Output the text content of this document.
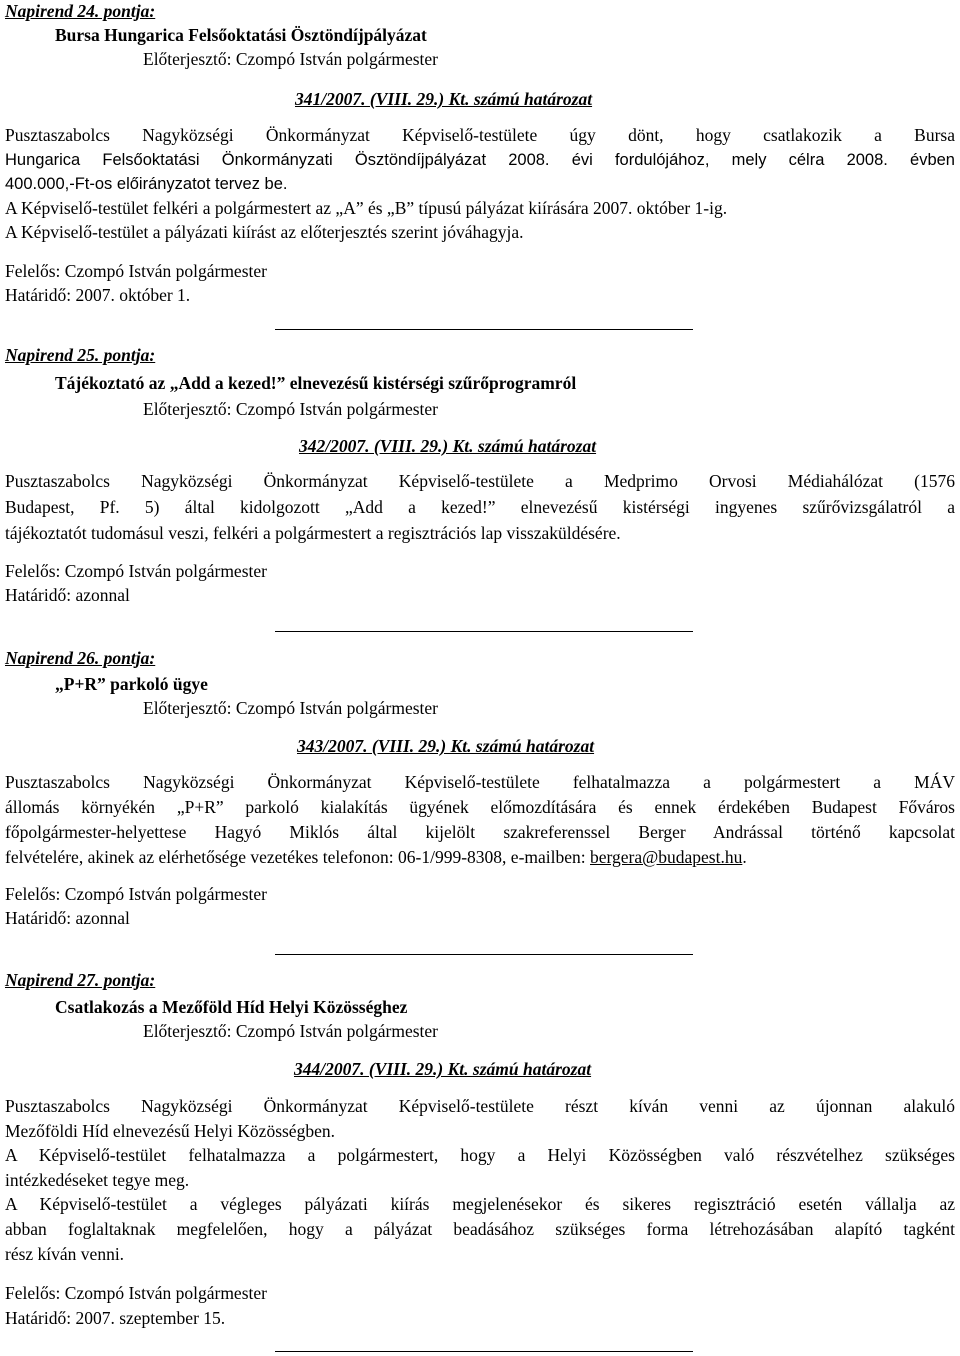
Napirend 24. pontja:
Bursa Hungarica Felsőoktatási Ösztöndíjpályázat
Előterjesztő: Czompó István polgármester
341/2007. (VIII. 29.) Kt. számú határozat
Pusztaszabolcs Nagyközségi Önkormányzat Képviselő-testülete úgy dönt, hogy csatlakozik a Bursa
Hungarica Felsőoktatási Önkormányzati Ösztöndíjpályázat 2008. évi fordulójához, mely célra 2008. évben
400.000,-Ft-os előirányzatot tervez be.
A Képviselő-testület felkéri a polgármestert az „A” és „B” típusú pályázat kiírására 2007. október 1-ig.
A Képviselő-testület a pályázati kiírást az előterjesztés szerint jóváhagyja.
Felelős: Czompó István polgármester
Határidő: 2007. október 1.
Napirend 25. pontja:
Tájékoztató az „Add a kezed!” elnevezésű kistérségi szűrőprogramról
Előterjesztő: Czompó István polgármester
342/2007. (VIII. 29.) Kt. számú határozat
Pusztaszabolcs Nagyközségi Önkormányzat Képviselő-testülete a Medprimo Orvosi Médiahálózat (1576
Budapest, Pf. 5) által kidolgozott „Add a kezed!” elnevezésű kistérségi ingyenes szűrővizsgálatról a
tájékoztatót tudomásul veszi, felkéri a polgármestert a regisztrációs lap visszaküldésére.
Felelős: Czompó István polgármester
Határidő: azonnal
Napirend 26. pontja:
„P+R” parkoló ügye
Előterjesztő: Czompó István polgármester
343/2007. (VIII. 29.) Kt. számú határozat
Pusztaszabolcs Nagyközségi Önkormányzat Képviselő-testülete felhatalmazza a polgármestert a MÁV
állomás környékén „P+R” parkoló kialakítás ügyének előmozdítására és ennek érdekében Budapest Főváros
főpolgármester-helyettese Hagyó Miklós által kijelölt szakreferenssel Berger Andrással történő kapcsolat
felvételére, akinek az elérhetősége vezetékes telefonon: 06-1/999-8308, e-mailben: bergera@budapest.hu.
Felelős: Czompó István polgármester
Határidő: azonnal
Napirend 27. pontja:
Csatlakozás a Mezőföld Híd Helyi Közösséghez
Előterjesztő: Czompó István polgármester
344/2007. (VIII. 29.) Kt. számú határozat
Pusztaszabolcs Nagyközségi Önkormányzat Képviselő-testülete részt kíván venni az újonnan alakuló
Mezőföldi Híd elnevezésű Helyi Közösségben.
A Képviselő-testület felhatalmazza a polgármestert, hogy a Helyi Közösségben való részvételhez szükséges
intézkedéseket tegye meg.
A Képviselő-testület a végleges pályázati kiírás megjelenésekor és sikeres regisztráció esetén vállalja az
abban foglaltaknak megfelelően, hogy a pályázat beadásához szükséges forma létrehozásában alapító tagként
rész kíván venni.
Felelős: Czompó István polgármester
Határidő: 2007. szeptember 15.
